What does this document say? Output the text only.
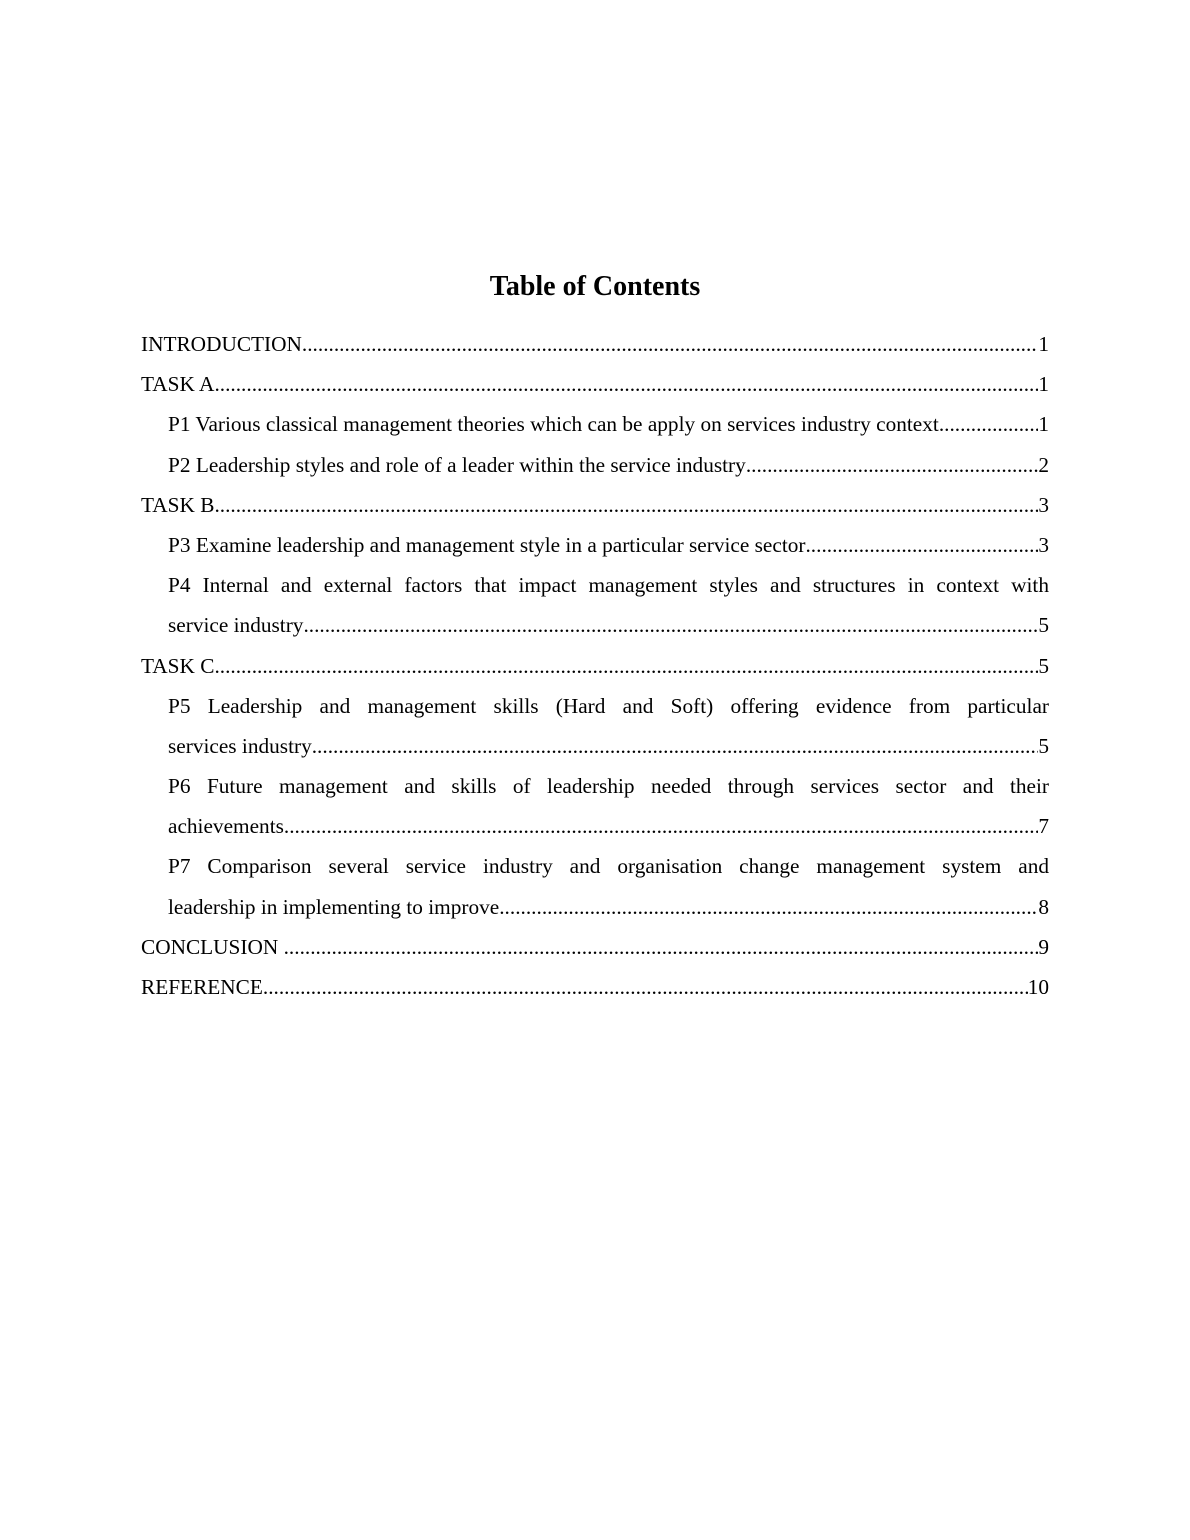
Table of Contents
INTRODUCTION .....	1
TASK A .....	1
P1 Various classical management theories which can be apply on services industry context .....	1
P2 Leadership styles and role of a leader within the service industry .....	2
TASK B .....	3
P3 Examine leadership and management style in a particular service sector .....	3
P4 Internal and external factors that impact management styles and structures in context with
service industry .....	5
TASK C .....	5
P5 Leadership and management skills (Hard and Soft) offering evidence from particular
services industry .....	5
P6 Future management and skills of leadership needed through services sector and their
achievements .....	7
P7 Comparison several service industry and organisation change management system and
leadership in implementing to improve .....	8
CONCLUSION .....	9
REFERENCE .....	10
